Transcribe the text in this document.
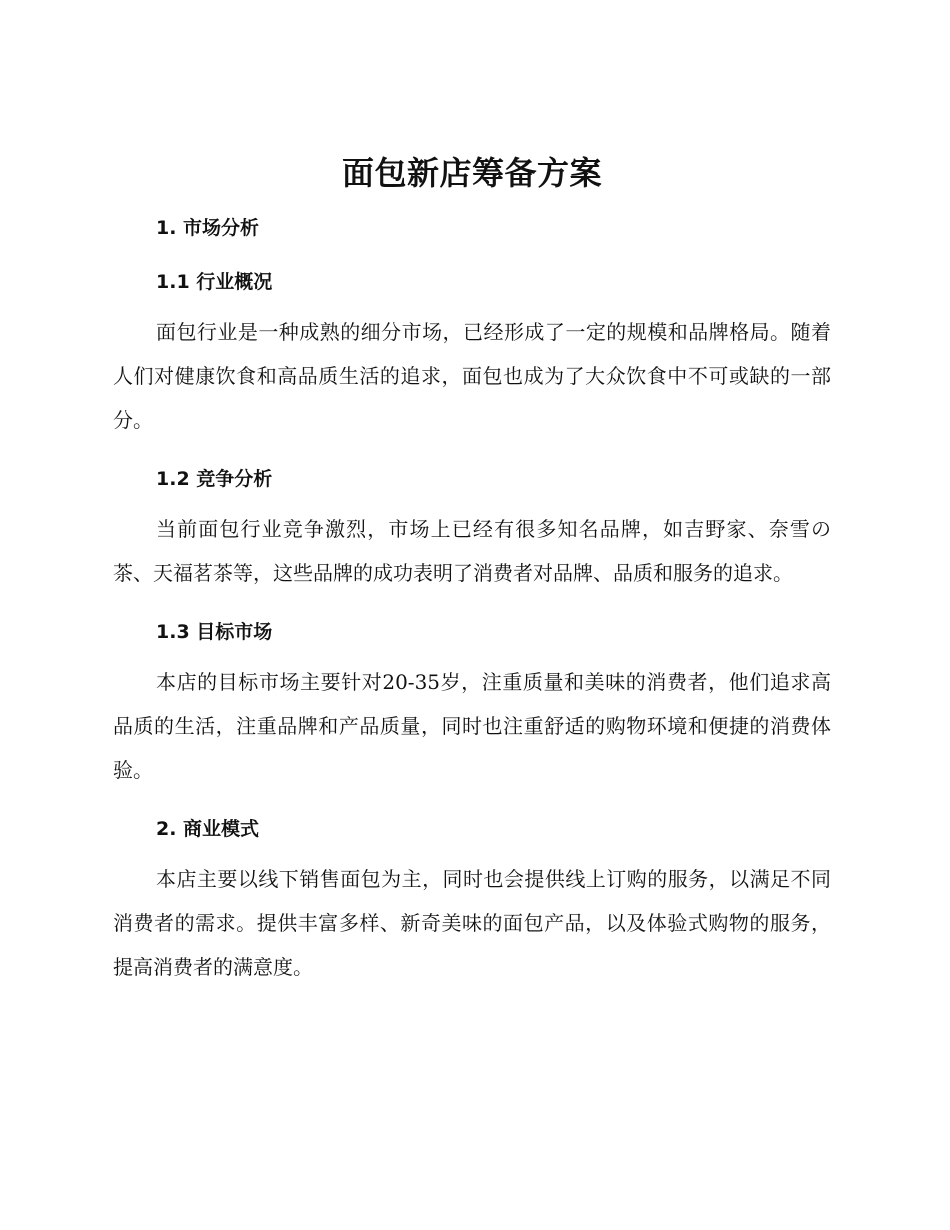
面包新店筹备方案
1. 市场分析
1.1 行业概况

面包行业是一种成熟的细分市场，已经形成了一定的规模和品牌格局。随着人们对健康饮食和高品质生活的追求，面包也成为了大众饮食中不可或缺的一部分。

1.2 竞争分析

当前面包行业竞争激烈，市场上已经有很多知名品牌，如吉野家、奈雪の茶、天福茗茶等，这些品牌的成功表明了消费者对品牌、品质和服务的追求。

1.3 目标市场

本店的目标市场主要针对20-35岁，注重质量和美味的消费者，他们追求高品质的生活，注重品牌和产品质量，同时也注重舒适的购物环境和便捷的消费体验。

2. 商业模式

本店主要以线下销售面包为主，同时也会提供线上订购的服务，以满足不同消费者的需求。提供丰富多样、新奇美味的面包产品，以及体验式购物的服务，提高消费者的满意度。
